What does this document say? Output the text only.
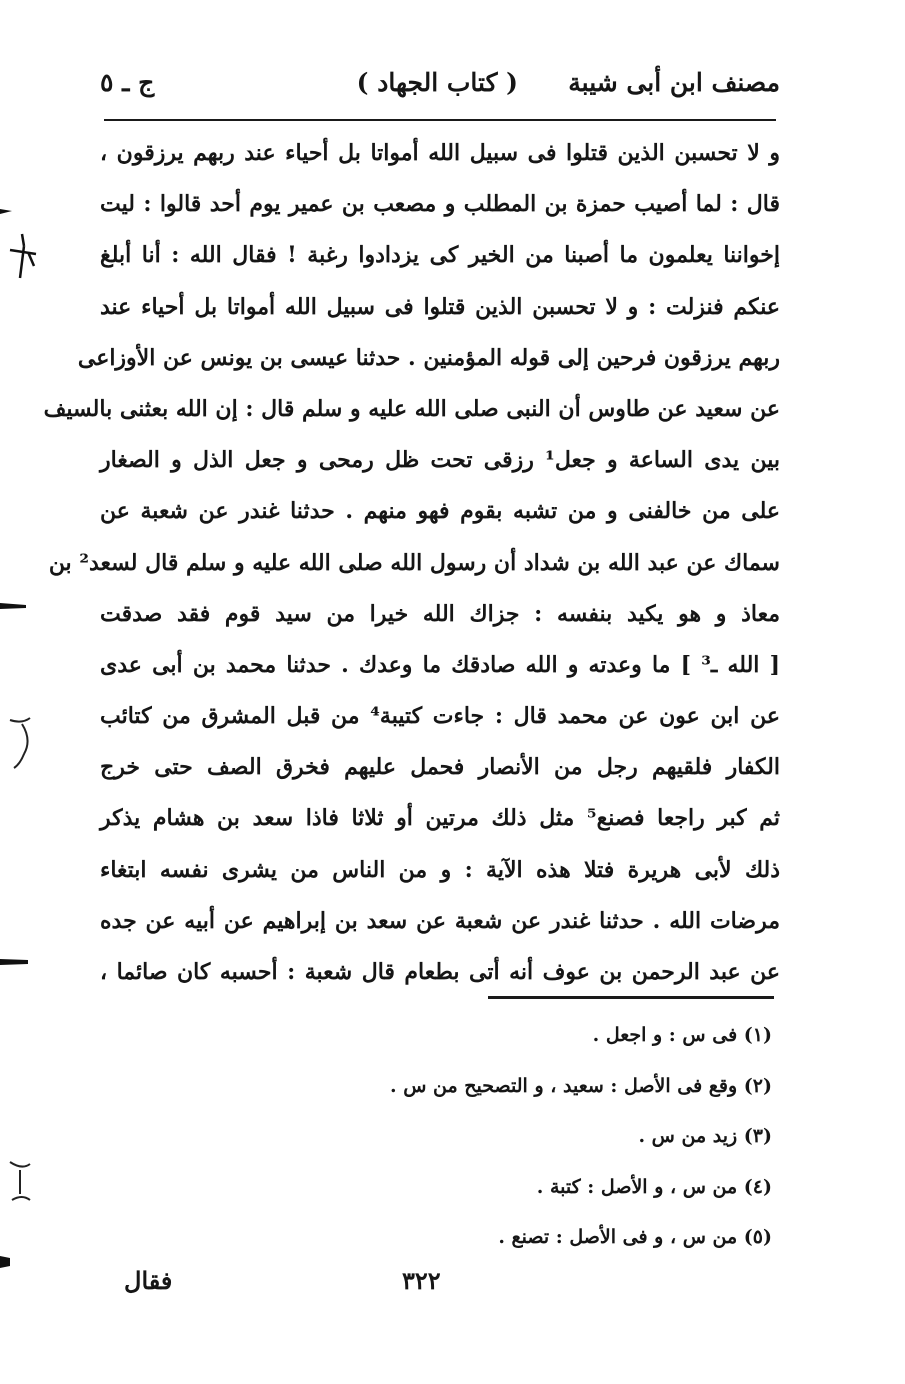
مصنف ابن أبى شيبة
( كتاب الجهاد )
ج ـ ٥
و لا تحسبن الذين قتلوا فى سبيل الله أمواتا بل أحياء عند ربهم يرزقون ،
قال : لما أصيب حمزة بن المطلب و مصعب بن عمير يوم أحد قالوا : ليت
إخواننا يعلمون ما أصبنا من الخير كى يزدادوا رغبة ! فقال الله : أنا أبلغ
عنكم فنزلت : و لا تحسبن الذين قتلوا فى سبيل الله أمواتا بل أحياء عند
ربهم يرزقون فرحين إلى قوله المؤمنين . حدثنا عيسى بن يونس عن الأوزاعى
عن سعيد عن طاوس أن النبى صلى الله عليه و سلم قال : إن الله بعثنى بالسيف
بين يدى الساعة و جعل¹ رزقى تحت ظل رمحى و جعل الذل و الصغار
على من خالفنى و من تشبه بقوم فهو منهم . حدثنا غندر عن شعبة عن
سماك عن عبد الله بن شداد أن رسول الله صلى الله عليه و سلم قال لسعد² بن
معاذ و هو يكيد بنفسه : جزاك الله خيرا من سيد قوم فقد صدقت
[ الله ـ³ ] ما وعدته و الله صادقك ما وعدك . حدثنا محمد بن أبى عدى
عن ابن عون عن محمد قال : جاءت كتيبة⁴ من قبل المشرق من كتائب
الكفار فلقيهم رجل من الأنصار فحمل عليهم فخرق الصف حتى خرج
ثم كبر راجعا فصنع⁵ مثل ذلك مرتين أو ثلاثا فاذا سعد بن هشام يذكر
ذلك لأبى هريرة فتلا هذه الآية : و من الناس من يشرى نفسه ابتغاء
مرضات الله . حدثنا غندر عن شعبة عن سعد بن إبراهيم عن أبيه عن جده
عن عبد الرحمن بن عوف أنه أتى بطعام قال شعبة : أحسبه كان صائما ،
(١) فى س : و اجعل .
(٢) وقع فى الأصل : سعيد ، و التصحيح من س .
(٣) زيد من س .
(٤) من س ، و الأصل : كتبة .
(٥) من س ، و فى الأصل : تصنع .
٣٢٢
فقال
